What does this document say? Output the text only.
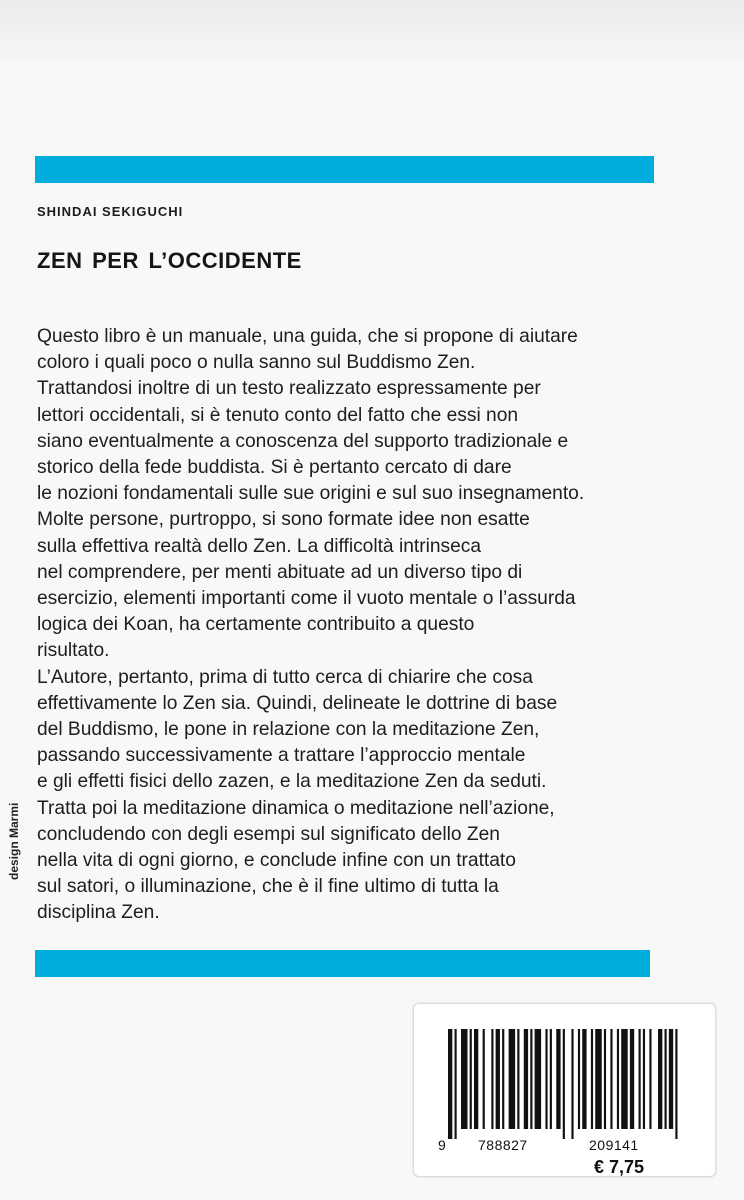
SHINDAI SEKIGUCHI
ZEN PER L’OCCIDENTE
Questo libro è un manuale, una guida, che si propone di aiutare
coloro i quali poco o nulla sanno sul Buddismo Zen.
Trattandosi inoltre di un testo realizzato espressamente per
lettori occidentali, si è tenuto conto del fatto che essi non
siano eventualmente a conoscenza del supporto tradizionale e
storico della fede buddista. Si è pertanto cercato di dare
le nozioni fondamentali sulle sue origini e sul suo insegnamento.
Molte persone, purtroppo, si sono formate idee non esatte
sulla effettiva realtà dello Zen. La difficoltà intrinseca
nel comprendere, per menti abituate ad un diverso tipo di
esercizio, elementi importanti come il vuoto mentale o l’assurda
logica dei Koan, ha certamente contribuito a questo
risultato.
L’Autore, pertanto, prima di tutto cerca di chiarire che cosa
effettivamente lo Zen sia. Quindi, delineate le dottrine di base
del Buddismo, le pone in relazione con la meditazione Zen,
passando successivamente a trattare l’approccio mentale
e gli effetti fisici dello zazen, e la meditazione Zen da seduti.
Tratta poi la meditazione dinamica o meditazione nell’azione,
concludendo con degli esempi sul significato dello Zen
nella vita di ogni giorno, e conclude infine con un trattato
sul satori, o illuminazione, che è il fine ultimo di tutta la
disciplina Zen.
design Marmi
9 788827	209141
€ 7,75
